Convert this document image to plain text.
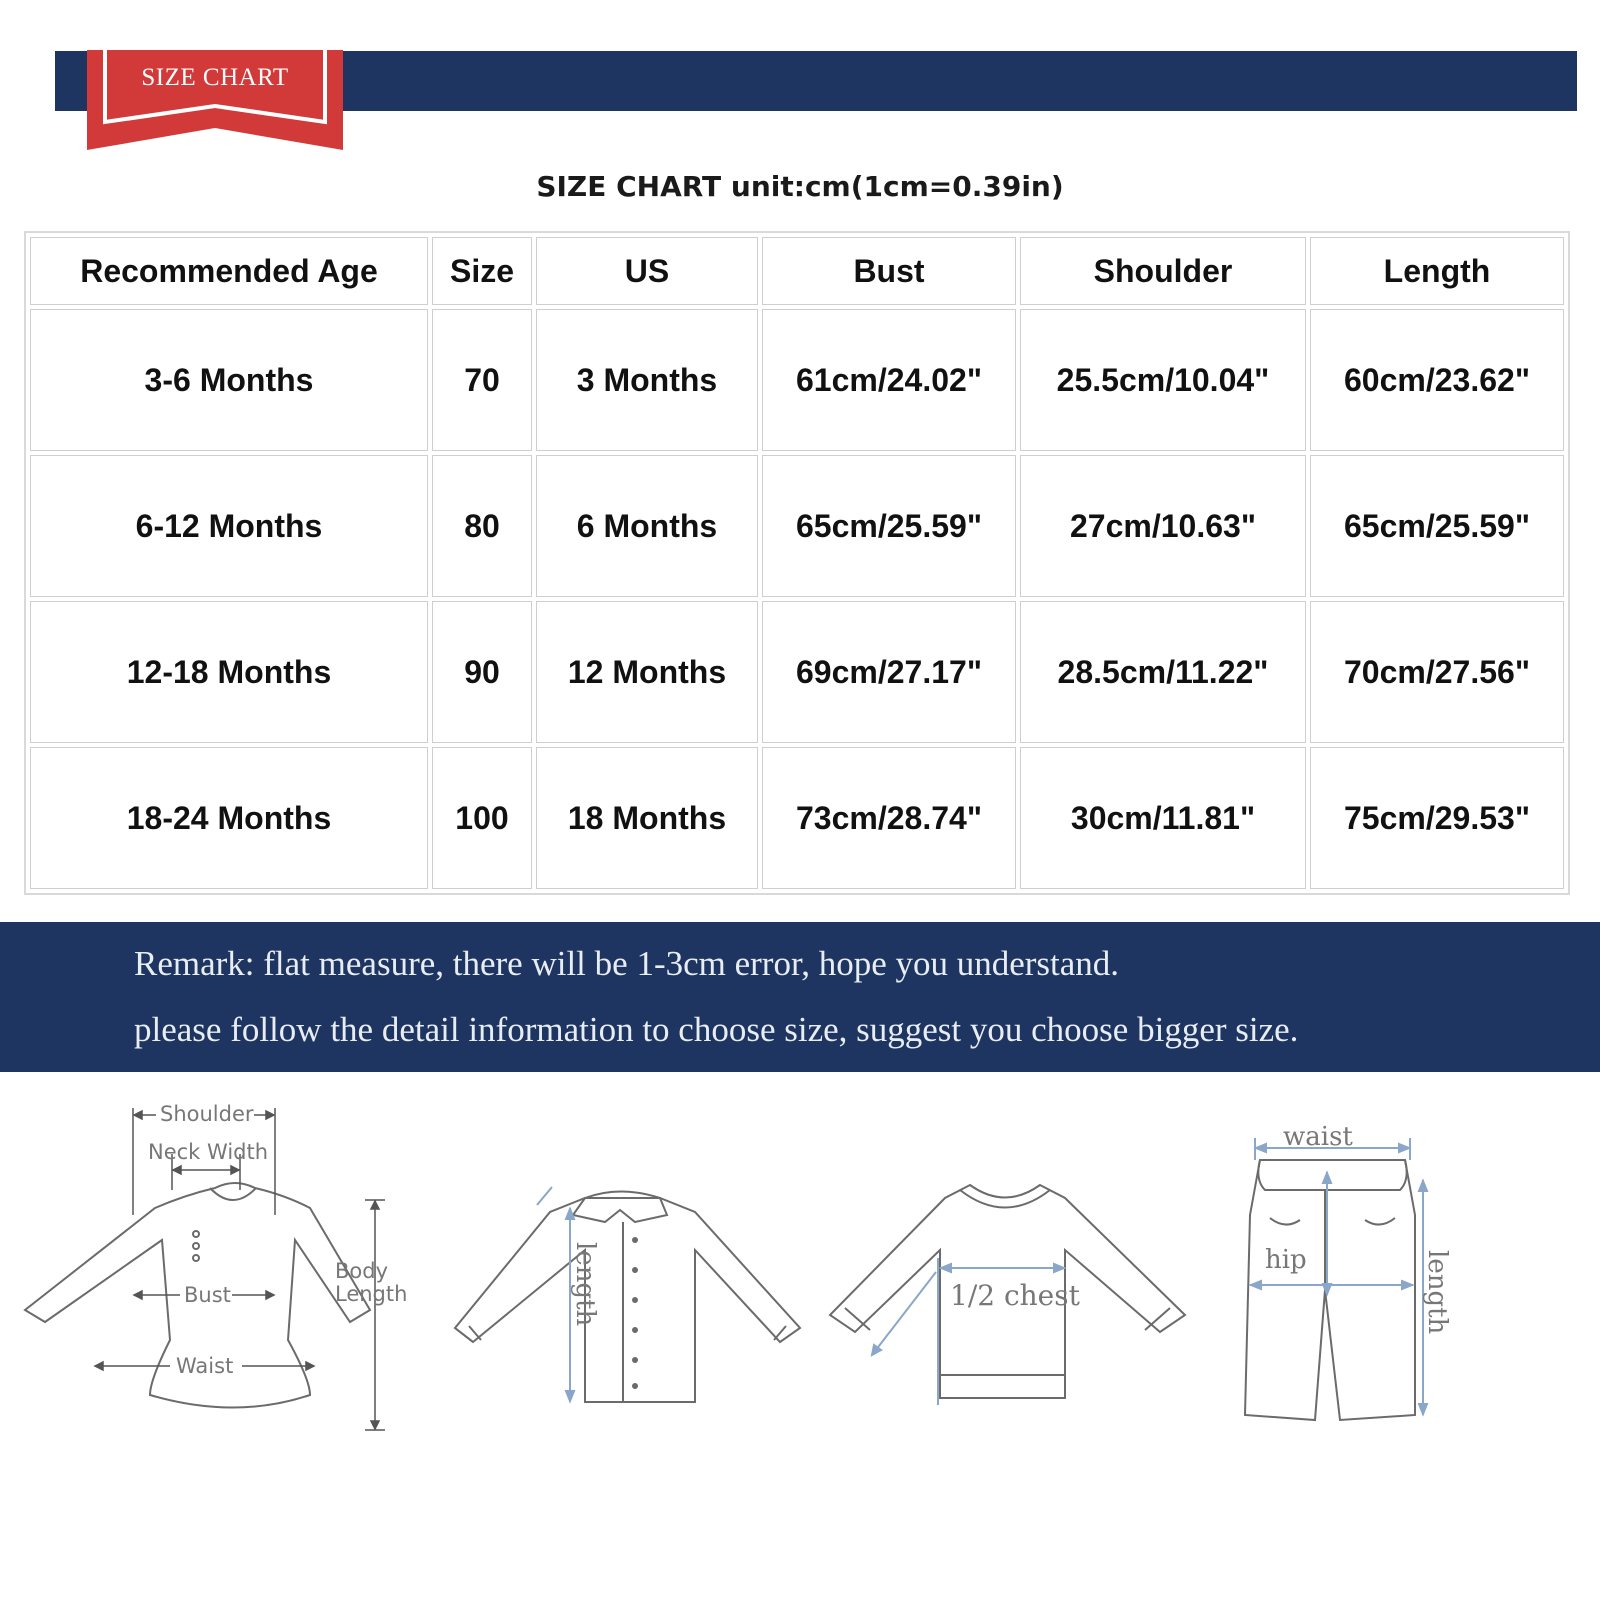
SIZE CHART
SIZE CHART unit:cm(1cm=0.39in)
Recommended Age	Size	US	Bust	Shoulder	Length
3-6 Months	70	3 Months	61cm/24.02"	25.5cm/10.04"	60cm/23.62"
6-12 Months	80	6 Months	65cm/25.59"	27cm/10.63"	65cm/25.59"
12-18 Months	90	12 Months	69cm/27.17"	28.5cm/11.22"	70cm/27.56"
18-24 Months	100	18 Months	73cm/28.74"	30cm/11.81"	75cm/29.53"
Remark: flat measure, there will be 1-3cm error, hope you understand.
please follow the detail information to choose size, suggest you choose bigger size.
Shoulder
Neck Width
Bust
Waist
Body
Length	length	1/2 chest
waist
hip	length
